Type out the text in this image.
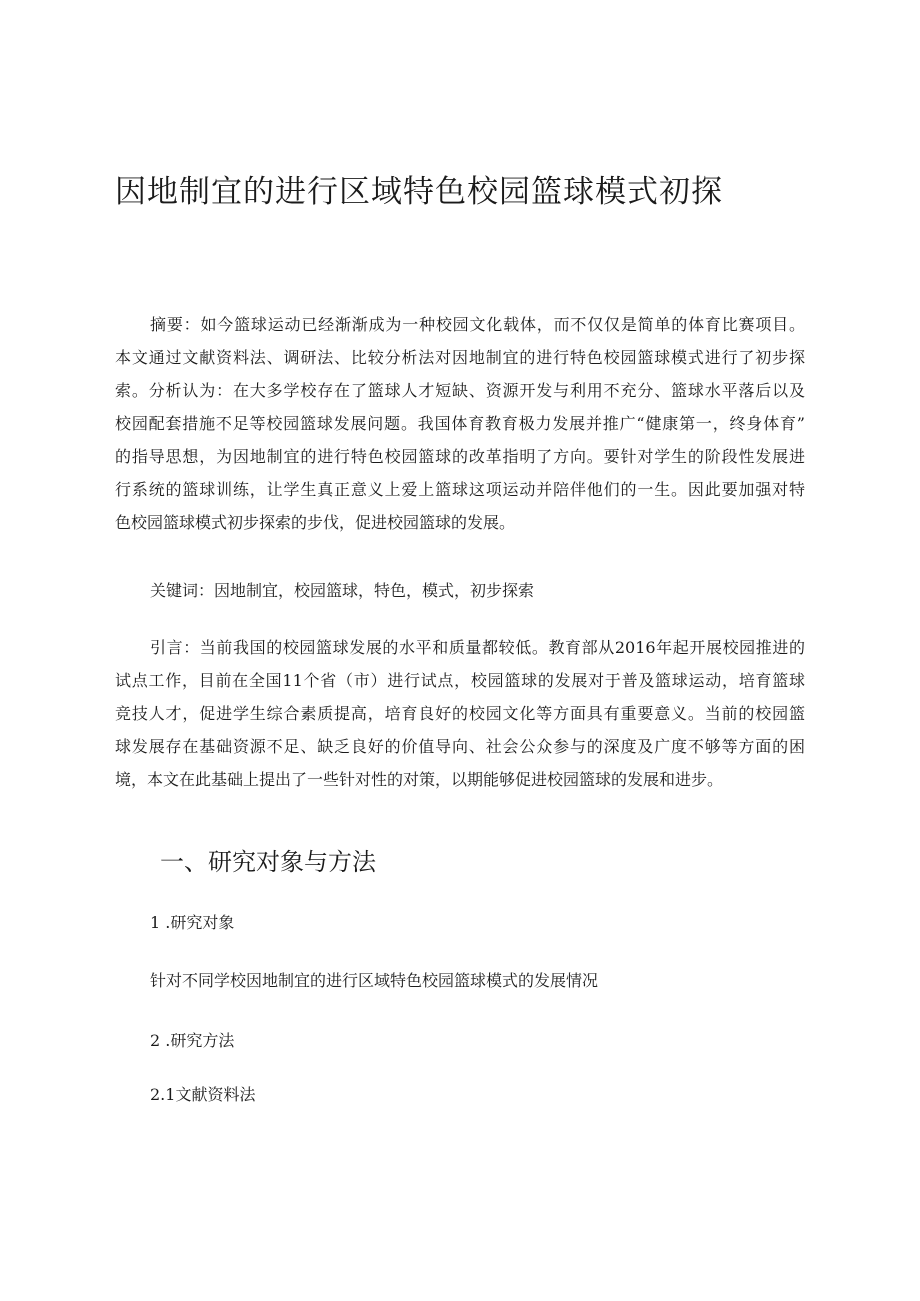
因地制宜的进行区域特色校园篮球模式初探
摘要：如今篮球运动已经渐渐成为一种校园文化载体，而不仅仅是简单的体育比赛项目。
本文通过文献资料法、调研法、比较分析法对因地制宜的进行特色校园篮球模式进行了初步探
索。分析认为：在大多学校存在了篮球人才短缺、资源开发与利用不充分、篮球水平落后以及
校园配套措施不足等校园篮球发展问题。我国体育教育极力发展并推广“健康第一，终身体育”
的指导思想，为因地制宜的进行特色校园篮球的改革指明了方向。要针对学生的阶段性发展进
行系统的篮球训练，让学生真正意义上爱上篮球这项运动并陪伴他们的一生。因此要加强对特
色校园篮球模式初步探索的步伐，促进校园篮球的发展。
关键词：因地制宜，校园篮球，特色，模式，初步探索
引言：当前我国的校园篮球发展的水平和质量都较低。教育部从2016年起开展校园推进的
试点工作，目前在全国11个省（市）进行试点，校园篮球的发展对于普及篮球运动，培育篮球
竞技人才，促进学生综合素质提高，培育良好的校园文化等方面具有重要意义。当前的校园篮
球发展存在基础资源不足、缺乏良好的价值导向、社会公众参与的深度及广度不够等方面的困
境，本文在此基础上提出了一些针对性的对策，以期能够促进校园篮球的发展和进步。
一、研究对象与方法
1 .研究对象
针对不同学校因地制宜的进行区域特色校园篮球模式的发展情况
2 .研究方法
2.1文献资料法
